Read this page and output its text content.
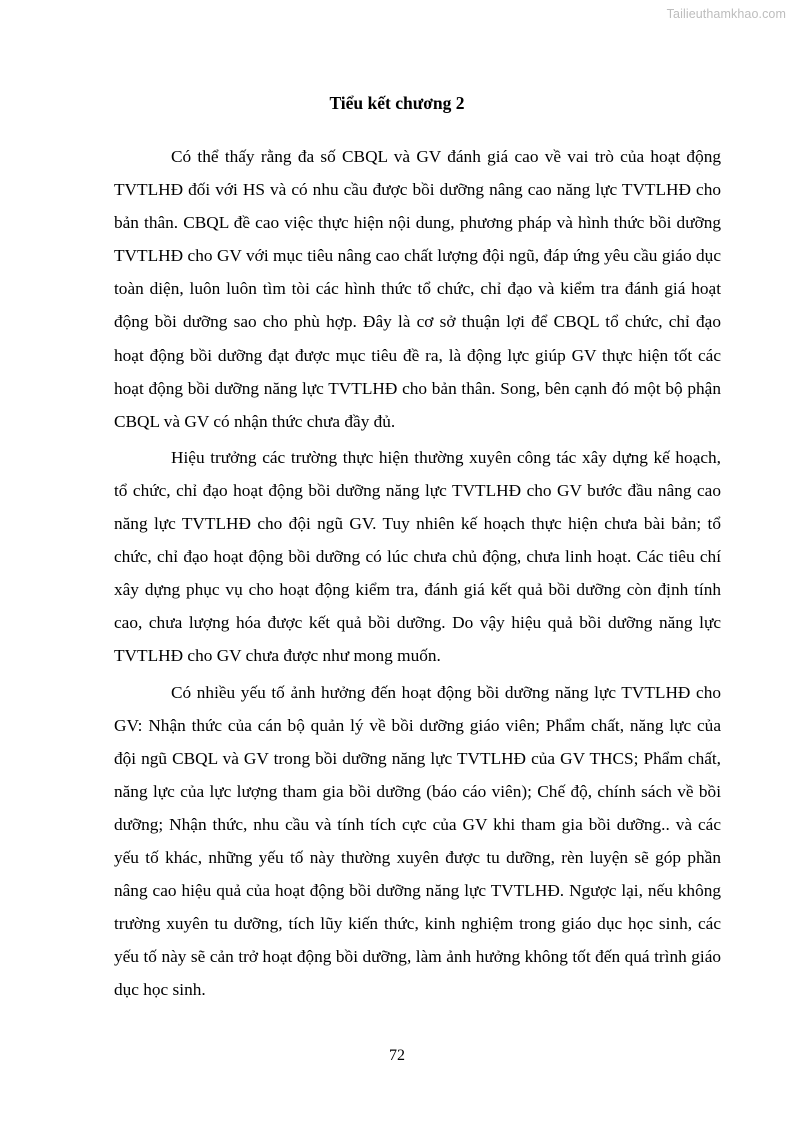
Tailieuthamkhao.com
Tiểu kết chương 2

Có thể thấy rằng đa số CBQL và GV đánh giá cao về vai trò của hoạt động TVTLHĐ đối với HS và có nhu cầu được bồi dưỡng nâng cao năng lực TVTLHĐ cho bản thân. CBQL đề cao việc thực hiện nội dung, phương pháp và hình thức bồi dưỡng TVTLHĐ cho GV với mục tiêu nâng cao chất lượng đội ngũ, đáp ứng yêu cầu giáo dục toàn diện, luôn luôn tìm tòi các hình thức tổ chức, chỉ đạo và kiểm tra đánh giá hoạt động bồi dưỡng sao cho phù hợp. Đây là cơ sở thuận lợi để CBQL tổ chức, chỉ đạo hoạt động bồi dưỡng đạt được mục tiêu đề ra, là động lực giúp GV thực hiện tốt các hoạt động bồi dưỡng năng lực TVTLHĐ cho bản thân. Song, bên cạnh đó một bộ phận CBQL và GV có nhận thức chưa đầy đủ.

Hiệu trưởng các trường thực hiện thường xuyên công tác xây dựng kế hoạch, tổ chức, chỉ đạo hoạt động bồi dưỡng năng lực TVTLHĐ cho GV bước đầu nâng cao năng lực TVTLHĐ cho đội ngũ GV. Tuy nhiên kế hoạch thực hiện chưa bài bản; tổ chức, chỉ đạo hoạt động bồi dưỡng có lúc chưa chủ động, chưa linh hoạt. Các tiêu chí xây dựng phục vụ cho hoạt động kiểm tra, đánh giá kết quả bồi dưỡng còn định tính cao, chưa lượng hóa được kết quả bồi dưỡng. Do vậy hiệu quả bồi dưỡng năng lực TVTLHĐ cho GV chưa được như mong muốn.

Có nhiều yếu tố ảnh hưởng đến hoạt động bồi dưỡng năng lực TVTLHĐ cho GV: Nhận thức của cán bộ quản lý về bồi dưỡng giáo viên; Phẩm chất, năng lực của đội ngũ CBQL và GV trong bồi dưỡng năng lực TVTLHĐ của GV THCS; Phẩm chất, năng lực của lực lượng tham gia bồi dưỡng (báo cáo viên); Chế độ, chính sách về bồi dưỡng; Nhận thức, nhu cầu và tính tích cực của GV khi tham gia bồi dưỡng.. và các yếu tố khác, những yếu tố này thường xuyên được tu dưỡng, rèn luyện sẽ góp phần nâng cao hiệu quả của hoạt động bồi dưỡng năng lực TVTLHĐ. Ngược lại, nếu không trường xuyên tu dưỡng, tích lũy kiến thức, kinh nghiệm trong giáo dục học sinh, các yếu tố này sẽ cản trở hoạt động bồi dưỡng, làm ảnh hưởng không tốt đến quá trình giáo dục học sinh.

72
